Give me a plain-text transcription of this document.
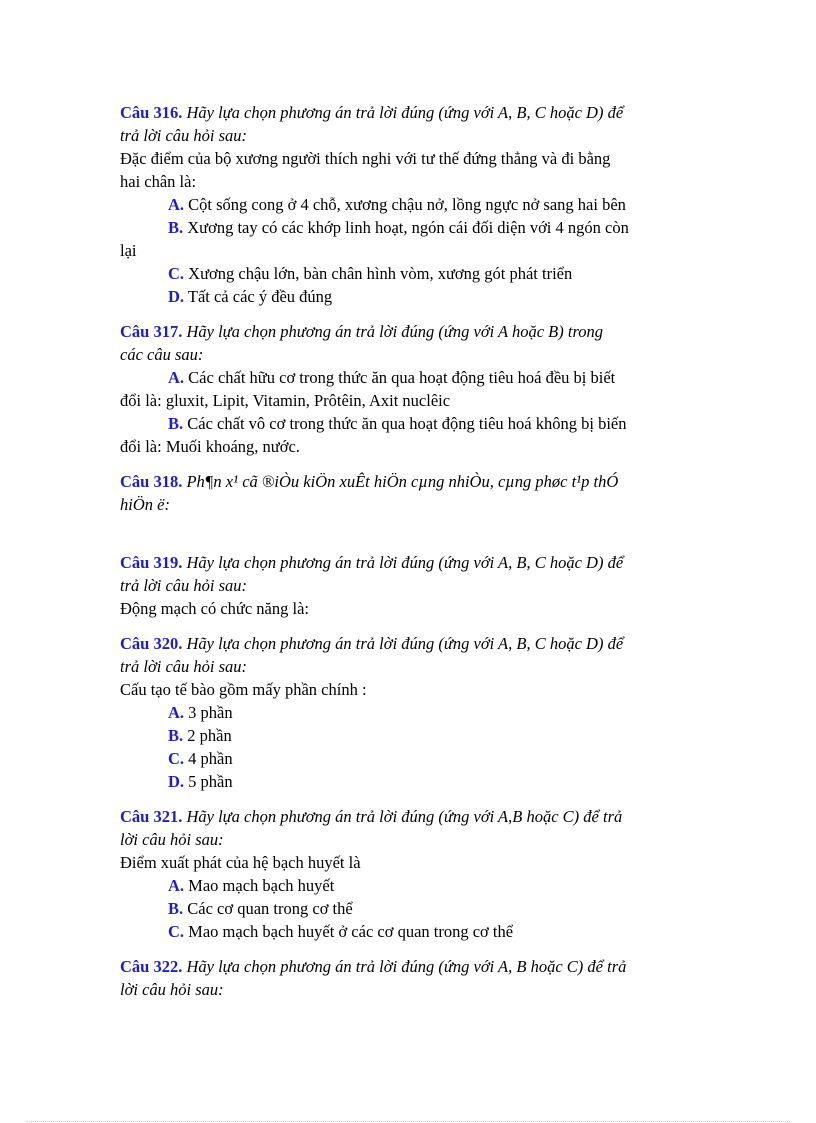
Câu 316. Hãy lựa chọn phương án trả lời đúng (ứng với A, B, C hoặc D) để
trả lời câu hỏi sau:
Đặc điểm của bộ xương người thích nghi với tư thế đứng thẳng và đi bằng
hai chân là:
A. Cột sống cong ở 4 chỗ, xương chậu nở, lồng ngực nở sang hai bên
B. Xương tay có các khớp linh hoạt, ngón cái đối diện với 4 ngón còn
lại
C. Xương chậu lớn, bàn chân hình vòm, xương gót phát triển
D. Tất cả các ý đều đúng
Câu 317. Hãy lựa chọn phương án trả lời đúng (ứng với A hoặc B) trong
các câu sau:
A. Các chất hữu cơ trong thức ăn qua hoạt động tiêu hoá đều bị biết
đổi là: gluxit, Lipit, Vitamin, Prôtêin, Axit nuclêic
B. Các chất vô cơ trong thức ăn qua hoạt động tiêu hoá không bị biến
đổi là: Muối khoáng, nước.
Câu 318. Ph¶n x¹ cã ®iÒu kiÖn xuÊt hiÖn cµng nhiÒu, cµng phøc t¹p thÓ
hiÖn ë:
Câu 319. Hãy lựa chọn phương án trả lời đúng (ứng với A, B, C hoặc D) để
trả lời câu hỏi sau:
Động mạch có chức năng là:
Câu 320. Hãy lựa chọn phương án trả lời đúng (ứng với A, B, C hoặc D) để
trả lời câu hỏi sau:
Cấu tạo tế bào gồm mấy phần chính :
A. 3 phần
B. 2 phần
C. 4 phần
D. 5 phần
Câu 321. Hãy lựa chọn phương án trả lời đúng (ứng với A,B hoặc C) để trả
lời câu hỏi sau:
Điểm xuất phát của hệ bạch huyết là
A. Mao mạch bạch huyết
B. Các cơ quan trong cơ thể
C. Mao mạch bạch huyết ở các cơ quan trong cơ thể
Câu 322. Hãy lựa chọn phương án trả lời đúng (ứng với A, B hoặc C) để trả
lời câu hỏi sau:
